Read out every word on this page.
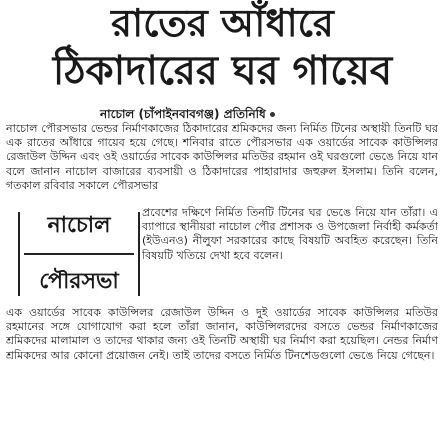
রাতের আঁধারে
ঠিকাদারের ঘর গায়েব
নাচোল (চাঁপাইনবাবগঞ্জ) প্রতিনিধি
নাচোল পৌরসভার ভেন্ডর নির্মাণকাজের ঠিকাদারের শ্রমিকদের জন্য নির্মিত টিনের অস্থায়ী তিনটি ঘর এক রাতের আঁধারে গায়েব হয়ে গেছে। শনিবার রাতে পৌরসভার এক ওয়ার্ডের সাবেক কাউন্সিলর রেজাউল উদ্দিন এবং ওই ওয়ার্ডের সাবেক কাউন্সিলর মতিউর রহমান ওই ঘরগুলো ভেঙে নিয়ে যান বলে জানান নাচোল বাজারের ব্যবসায়ী ও ঠিকাদারের পাহারাদার জহুরুল ইসলাম। তিনি বলেন, গতকাল রবিবার সকালে পৌরসভার
নাচোল
পৌরসভা
প্রবেশের দক্ষিণে নির্মিত তিনটি টিনের ঘর ভেঙে নিয়ে যান তাঁরা। এ ব্যাপারে স্থানীয়রা নাচোল পৌর প্রশাসক ও উপজেলা নির্বাহী কর্মকর্তা (ইউএনও) নীলুফা সরকারের কাছে বিষয়টি অবহিত করেছেন। তিনি বিষয়টি খতিয়ে দেখা হবে বলেন।
এক ওয়ার্ডের সাবেক কাউন্সিলর রেজাউল উদ্দিন ও দুই ওয়ার্ডের সাবেক কাউন্সিলর মতিউর রহমানের সঙ্গে যোগাযোগ করা হলে তাঁরা জানান, কাউন্সিলরদের বসতে ভেন্ডর নির্মাণকাজের শ্রমিকদের মালামাল ও তাদের থাকার জন্য ওই তিনটি অস্থায়ী ঘর নির্মাণ করা হয়েছিল। নেন্ডর নির্মাণ শ্রমিকদের আর কোনো প্রয়োজন নেই। তাই তাদের বসতে নির্মিত টিনশেডগুলো ভেঙে নিয়ে গেছেন।
